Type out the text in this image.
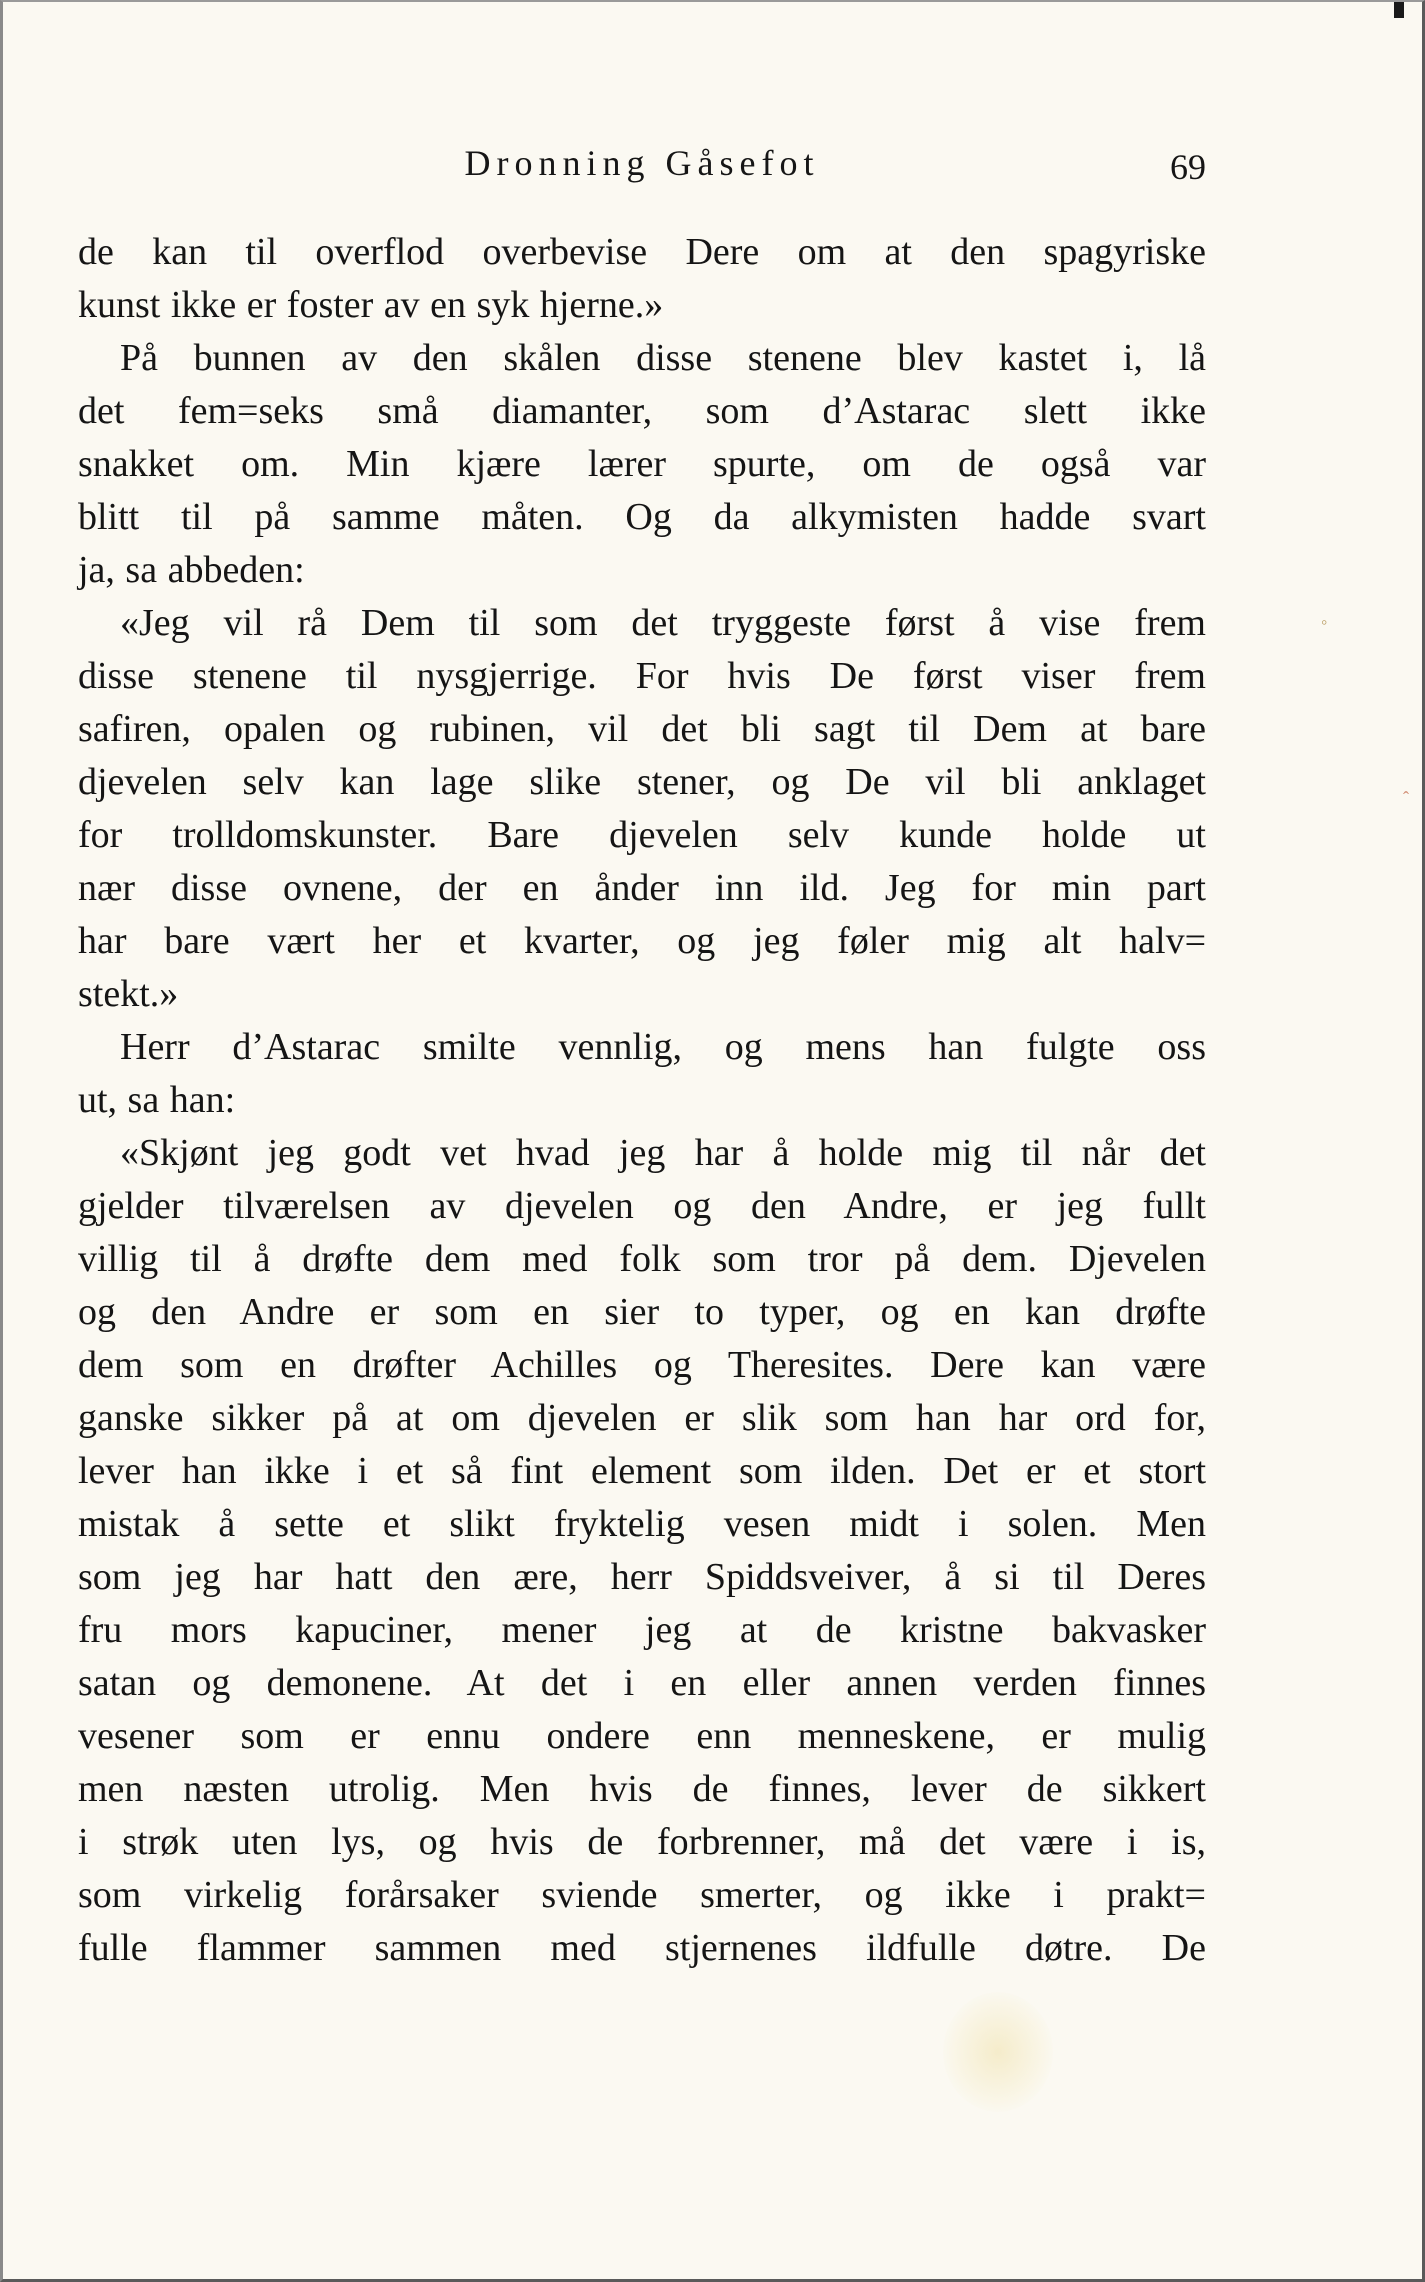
Dronning Gåsefot	69
de kan til overflod overbevise Dere om at den spagyriske
kunst ikke er foster av en syk hjerne.»
På bunnen av den skålen disse stenene blev kastet i, lå
det fem=seks små diamanter, som d’Astarac slett ikke
snakket om. Min kjære lærer spurte, om de også var
blitt til på samme måten. Og da alkymisten hadde svart
ja, sa abbeden:
«Jeg vil rå Dem til som det tryggeste først å vise frem
disse stenene til nysgjerrige. For hvis De først viser frem
safiren, opalen og rubinen, vil det bli sagt til Dem at bare
djevelen selv kan lage slike stener, og De vil bli anklaget
for trolldomskunster. Bare djevelen selv kunde holde ut
nær disse ovnene, der en ånder inn ild. Jeg for min part
har bare vært her et kvarter, og jeg føler mig alt halv=
stekt.»
Herr d’Astarac smilte vennlig, og mens han fulgte oss
ut, sa han:
«Skjønt jeg godt vet hvad jeg har å holde mig til når det
gjelder tilværelsen av djevelen og den Andre, er jeg fullt
villig til å drøfte dem med folk som tror på dem. Djevelen
og den Andre er som en sier to typer, og en kan drøfte
dem som en drøfter Achilles og Theresites. Dere kan være
ganske sikker på at om djevelen er slik som han har ord for,
lever han ikke i et så fint element som ilden. Det er et stort
mistak å sette et slikt fryktelig vesen midt i solen. Men
som jeg har hatt den ære, herr Spiddsveiver, å si til Deres
fru mors kapuciner, mener jeg at de kristne bakvasker
satan og demonene. At det i en eller annen verden finnes
vesener som er ennu ondere enn menneskene, er mulig
men næsten utrolig. Men hvis de finnes, lever de sikkert
i strøk uten lys, og hvis de forbrenner, må det være i is,
som virkelig forårsaker sviende smerter, og ikke i prakt=
fulle flammer sammen med stjernenes ildfulle døtre. De
◦
ˆ
